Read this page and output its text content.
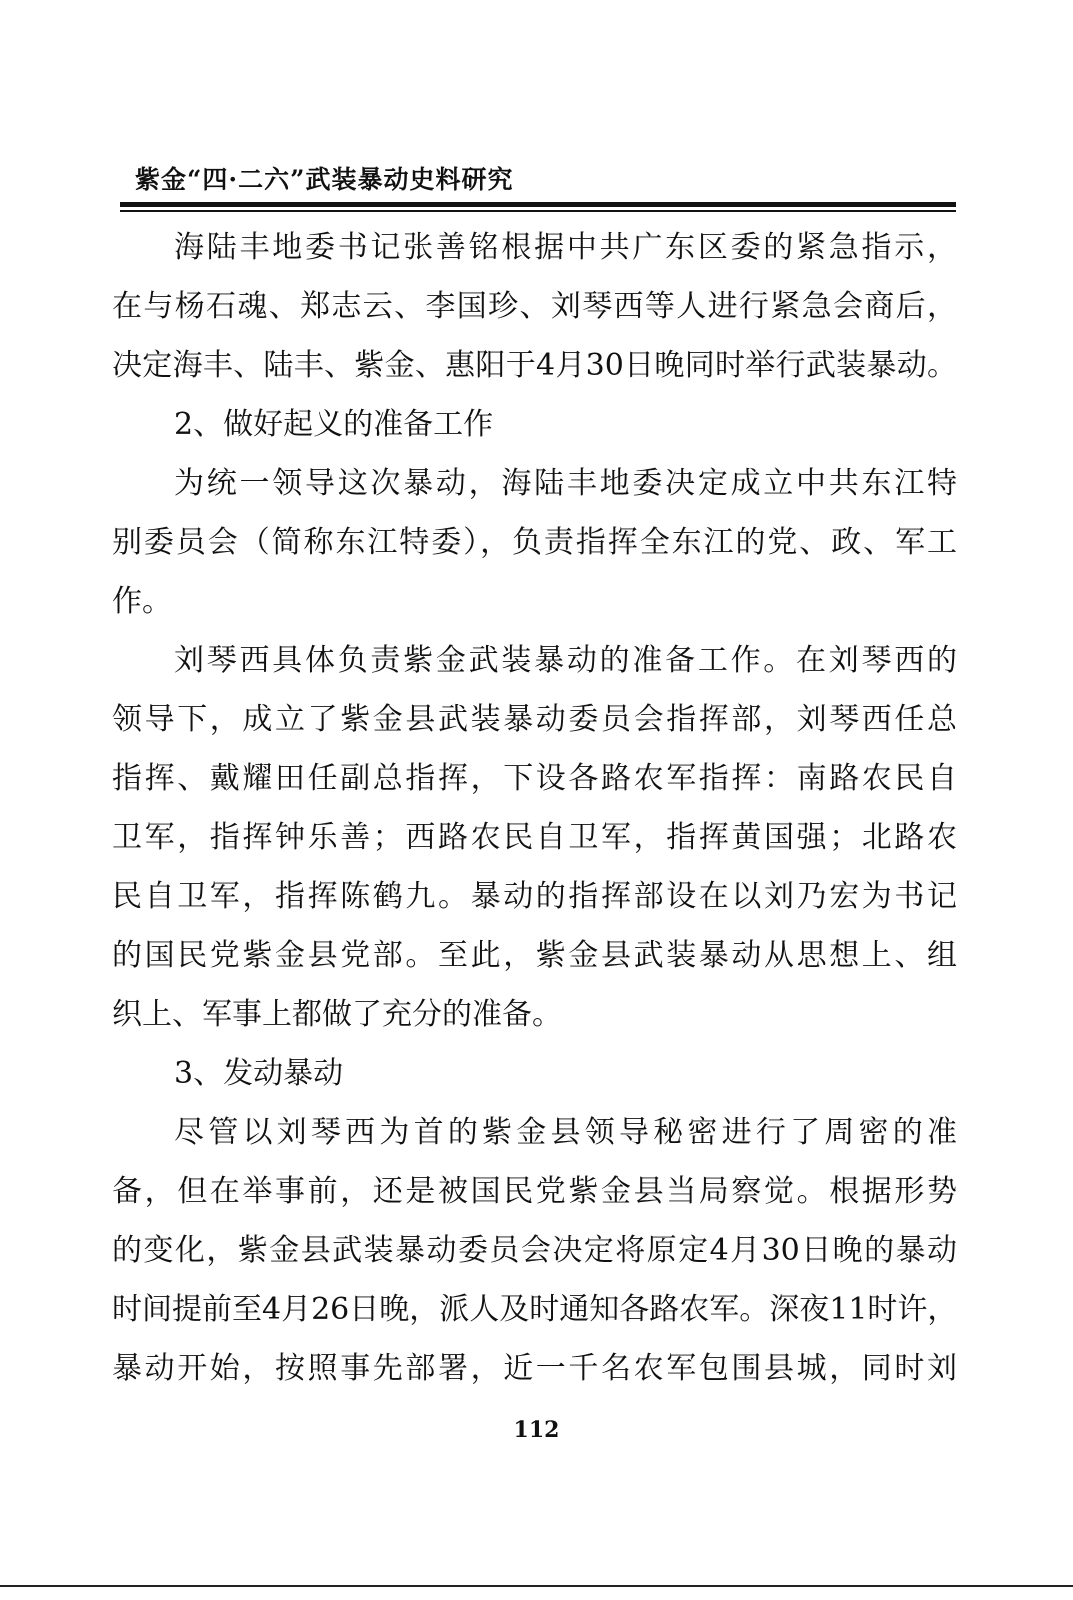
紫金“四·二六”武装暴动史料研究
海陆丰地委书记张善铭根据中共广东区委的紧急指示，
在与杨石魂、郑志云、李国珍、刘琴西等人进行紧急会商后，
决定海丰、陆丰、紫金、惠阳于4月30日晚同时举行武装暴动。
2、做好起义的准备工作
为统一领导这次暴动，海陆丰地委决定成立中共东江特
别委员会（简称东江特委），负责指挥全东江的党、政、军工
作。
刘琴西具体负责紫金武装暴动的准备工作。在刘琴西的
领导下，成立了紫金县武装暴动委员会指挥部，刘琴西任总
指挥、戴耀田任副总指挥，下设各路农军指挥：南路农民自
卫军，指挥钟乐善；西路农民自卫军，指挥黄国强；北路农
民自卫军，指挥陈鹤九。暴动的指挥部设在以刘乃宏为书记
的国民党紫金县党部。至此，紫金县武装暴动从思想上、组
织上、军事上都做了充分的准备。
3、发动暴动
尽管以刘琴西为首的紫金县领导秘密进行了周密的准
备，但在举事前，还是被国民党紫金县当局察觉。根据形势
的变化，紫金县武装暴动委员会决定将原定4月30日晚的暴动
时间提前至4月26日晚，派人及时通知各路农军。深夜11时许，
暴动开始，按照事先部署，近一千名农军包围县城，同时刘
112
